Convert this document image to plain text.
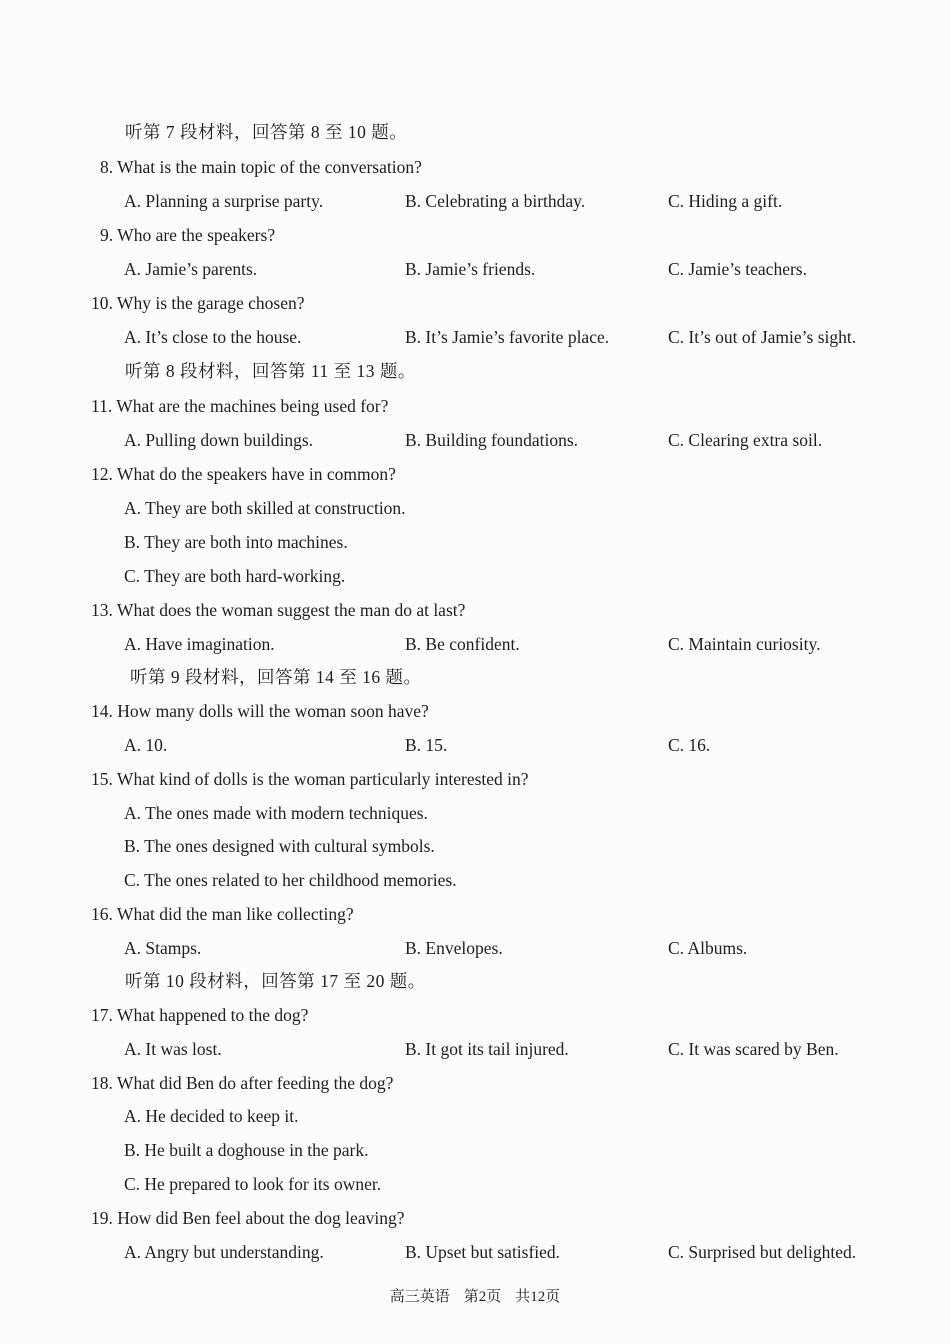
听第 7 段材料，回答第 8 至 10 题。
8. What is the main topic of the conversation?
A. Planning a surprise party.	B. Celebrating a birthday.	C. Hiding a gift.
9. Who are the speakers?
A. Jamie’s parents.	B. Jamie’s friends.	C. Jamie’s teachers.
10. Why is the garage chosen?
A. It’s close to the house.	B. It’s Jamie’s favorite place.	C. It’s out of Jamie’s sight.
听第 8 段材料，回答第 11 至 13 题。
11. What are the machines being used for?
A. Pulling down buildings.	B. Building foundations.	C. Clearing extra soil.
12. What do the speakers have in common?
A. They are both skilled at construction.
B. They are both into machines.
C. They are both hard-working.
13. What does the woman suggest the man do at last?
A. Have imagination.	B. Be confident.	C. Maintain curiosity.
听第 9 段材料，回答第 14 至 16 题。
14. How many dolls will the woman soon have?
A. 10.	B. 15.	C. 16.
15. What kind of dolls is the woman particularly interested in?
A. The ones made with modern techniques.
B. The ones designed with cultural symbols.
C. The ones related to her childhood memories.
16. What did the man like collecting?
A. Stamps.	B. Envelopes.	C. Albums.
听第 10 段材料，回答第 17 至 20 题。
17. What happened to the dog?
A. It was lost.	B. It got its tail injured.	C. It was scared by Ben.
18. What did Ben do after feeding the dog?
A. He decided to keep it.
B. He built a doghouse in the park.
C. He prepared to look for its owner.
19. How did Ben feel about the dog leaving?
A. Angry but understanding.	B. Upset but satisfied.	C. Surprised but delighted.
高三英语 第2页 共12页
